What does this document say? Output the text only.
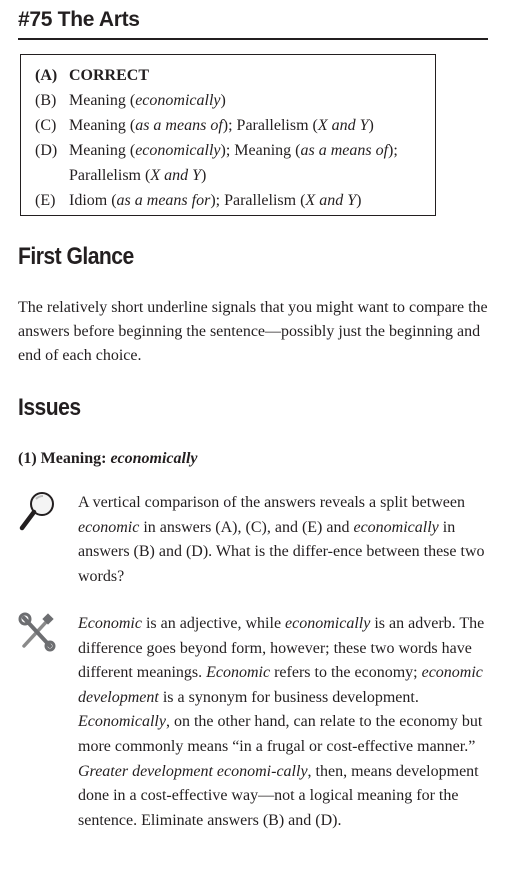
#75 The Arts
(A) CORRECT
(B) Meaning (economically)
(C) Meaning (as a means of); Parallelism (X and Y)
(D) Meaning (economically); Meaning (as a means of);
Parallelism (X and Y)
(E) Idiom (as a means for); Parallelism (X and Y)
First Glance
The relatively short underline signals that you might want to compare the answers before beginning the sentence—possibly just the beginning and end of each choice.
Issues
(1) Meaning: economically
A vertical comparison of the answers reveals a split between economic in answers (A), (C), and (E) and economically in answers (B) and (D). What is the differ-ence between these two words?
Economic is an adjective, while economically is an adverb. The difference goes beyond form, however; these two words have different meanings. Economic refers to the economy; economic development is a synonym for business development. Economically, on the other hand, can relate to the economy but more commonly means “in a frugal or cost-effective manner.” Greater development economi-cally, then, means development done in a cost-effective way—not a logical meaning for the sentence. Eliminate answers (B) and (D).
